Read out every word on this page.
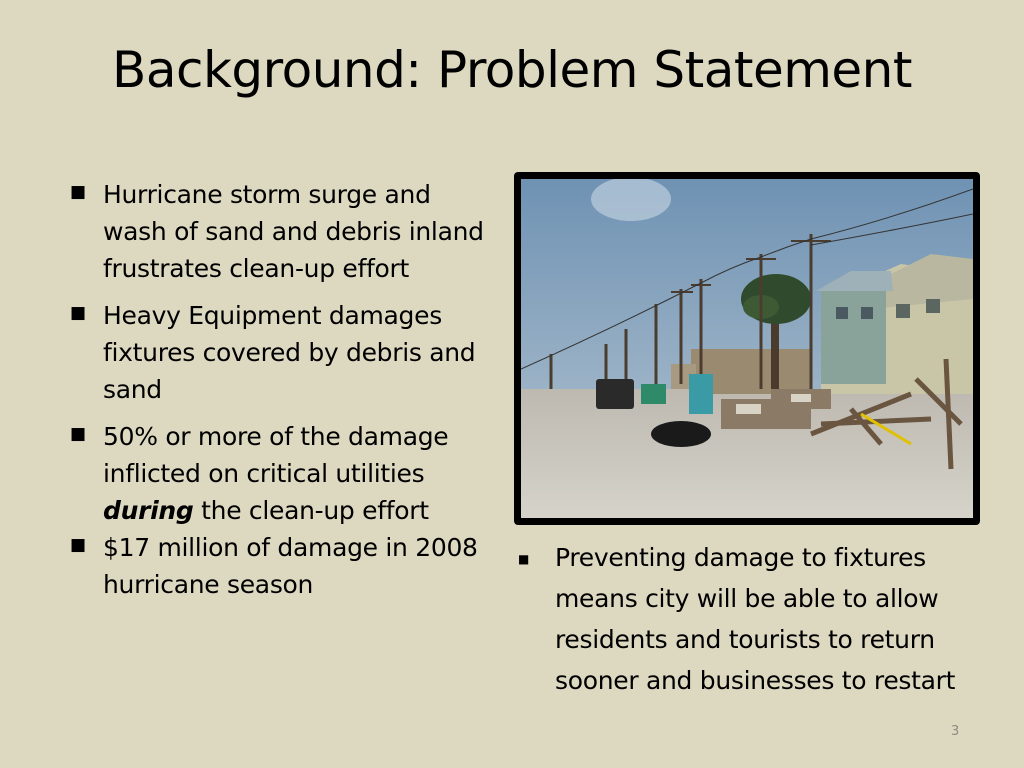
Background: Problem Statement
■ Hurricane storm surge and wash of sand and debris inland frustrates clean-up effort
■ Heavy Equipment damages fixtures covered by debris and sand
■ 50% or more of the damage inflicted on critical utilities during the clean-up effort
■ $17 million of damage in 2008 hurricane season
■ Preventing damage to fixtures means city will be able to allow residents and tourists to return sooner and businesses to restart
3
